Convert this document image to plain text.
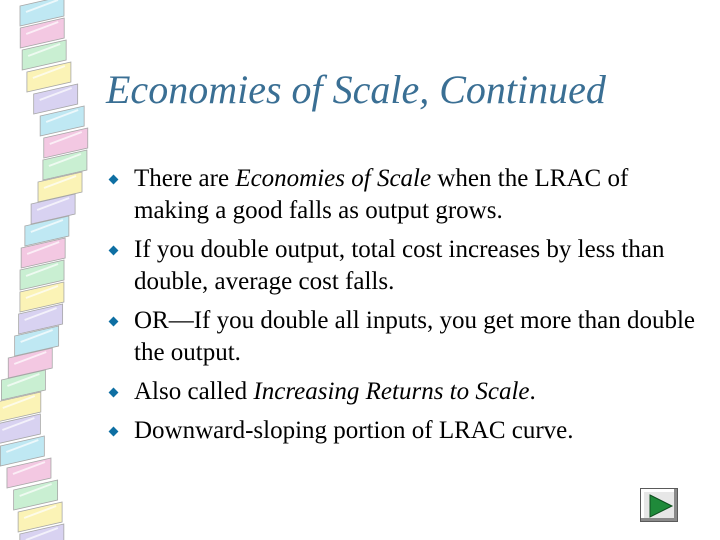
Economies of Scale, Continued
There are Economies of Scale when the LRAC of making a good falls as output grows.
If you double output, total cost increases by less than double, average cost falls.
OR—If you double all inputs, you get more than double the output.
Also called Increasing Returns to Scale.
Downward-sloping portion of LRAC curve.
